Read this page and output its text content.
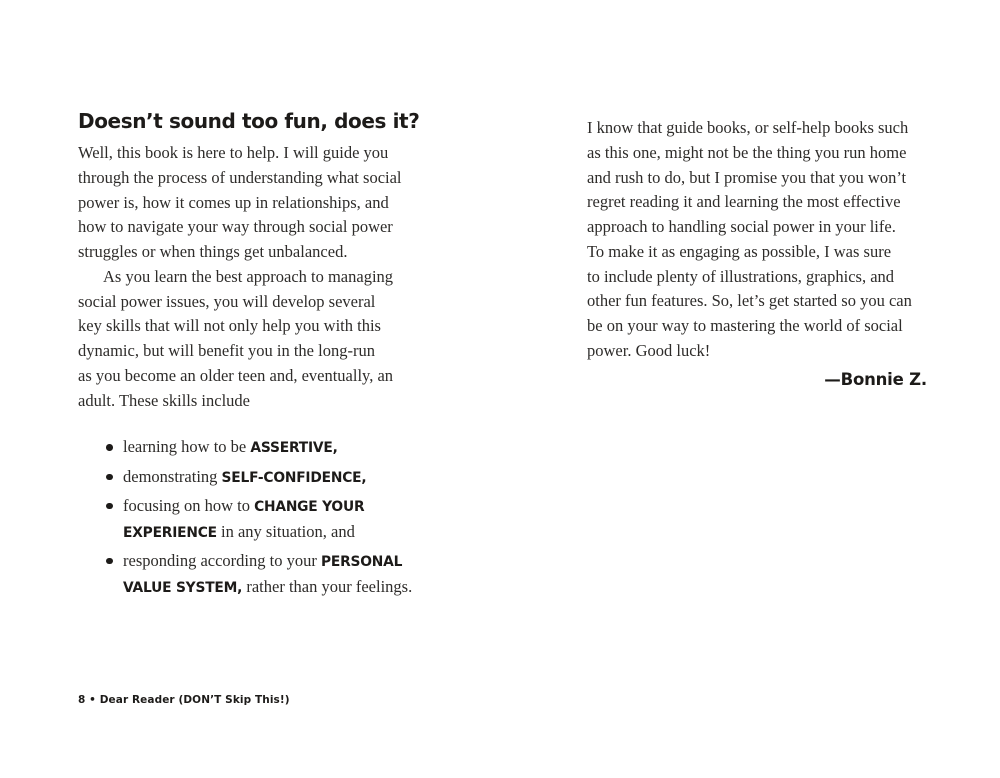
Doesn’t sound too fun, does it?
Well, this book is here to help. I will guide you
through the process of understanding what social
power is, how it comes up in relationships, and
how to navigate your way through social power
struggles or when things get unbalanced.
As you learn the best approach to managing
social power issues, you will develop several
key skills that will not only help you with this
dynamic, but will benefit you in the long-run
as you become an older teen and, eventually, an
adult. These skills include
learning how to be ASSERTIVE,
demonstrating SELF-CONFIDENCE,
focusing on how to CHANGE YOUR EXPERIENCE in any situation, and
responding according to your PERSONAL VALUE SYSTEM, rather than your feelings.
I know that guide books, or self-help books such
as this one, might not be the thing you run home
and rush to do, but I promise you that you won’t
regret reading it and learning the most effective
approach to handling social power in your life.
To make it as engaging as possible, I was sure
to include plenty of illustrations, graphics, and
other fun features. So, let’s get started so you can
be on your way to mastering the world of social
power. Good luck!
—Bonnie Z.
8 • Dear Reader (DON’T Skip This!)
